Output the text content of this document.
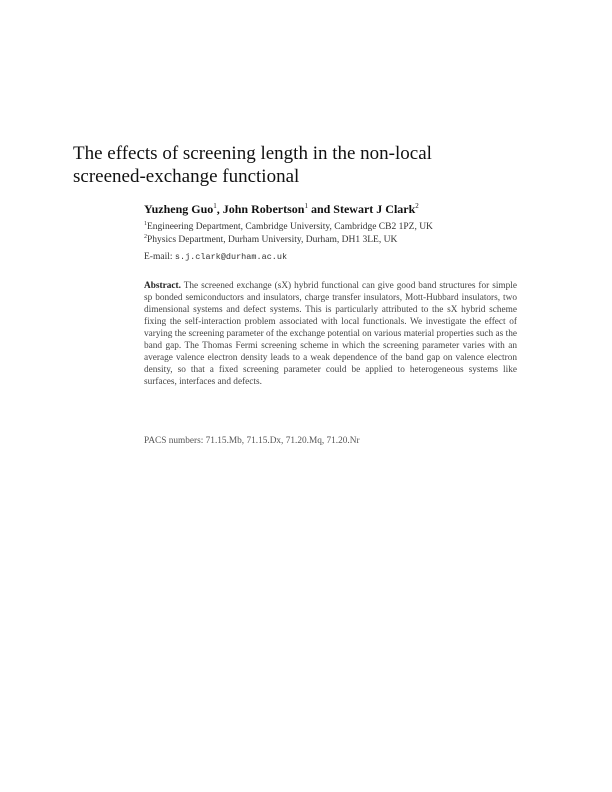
The effects of screening length in the non-local
screened-exchange functional
Yuzheng Guo$^1$, John Robertson$^1$ and Stewart J Clark$^2$
$^1$Engineering Department, Cambridge University, Cambridge CB2 1PZ, UK
$^2$Physics Department, Durham University, Durham, DH1 3LE, UK
E-mail: s.j.clark@durham.ac.uk

Abstract. The screened exchange (sX) hybrid functional can give good band structures for simple sp bonded semiconductors and insulators, charge transfer insulators, Mott-Hubbard insulators, two dimensional systems and defect systems. This is particularly attributed to the sX hybrid scheme fixing the self-interaction problem associated with local functionals. We investigate the effect of varying the screening parameter of the exchange potential on various material properties such as the band gap. The Thomas Fermi screening scheme in which the screening parameter varies with an average valence electron density leads to a weak dependence of the band gap on valence electron density, so that a fixed screening parameter could be applied to heterogeneous systems like surfaces, interfaces and defects.

PACS numbers: 71.15.Mb, 71.15.Dx, 71.20.Mq, 71.20.Nr
